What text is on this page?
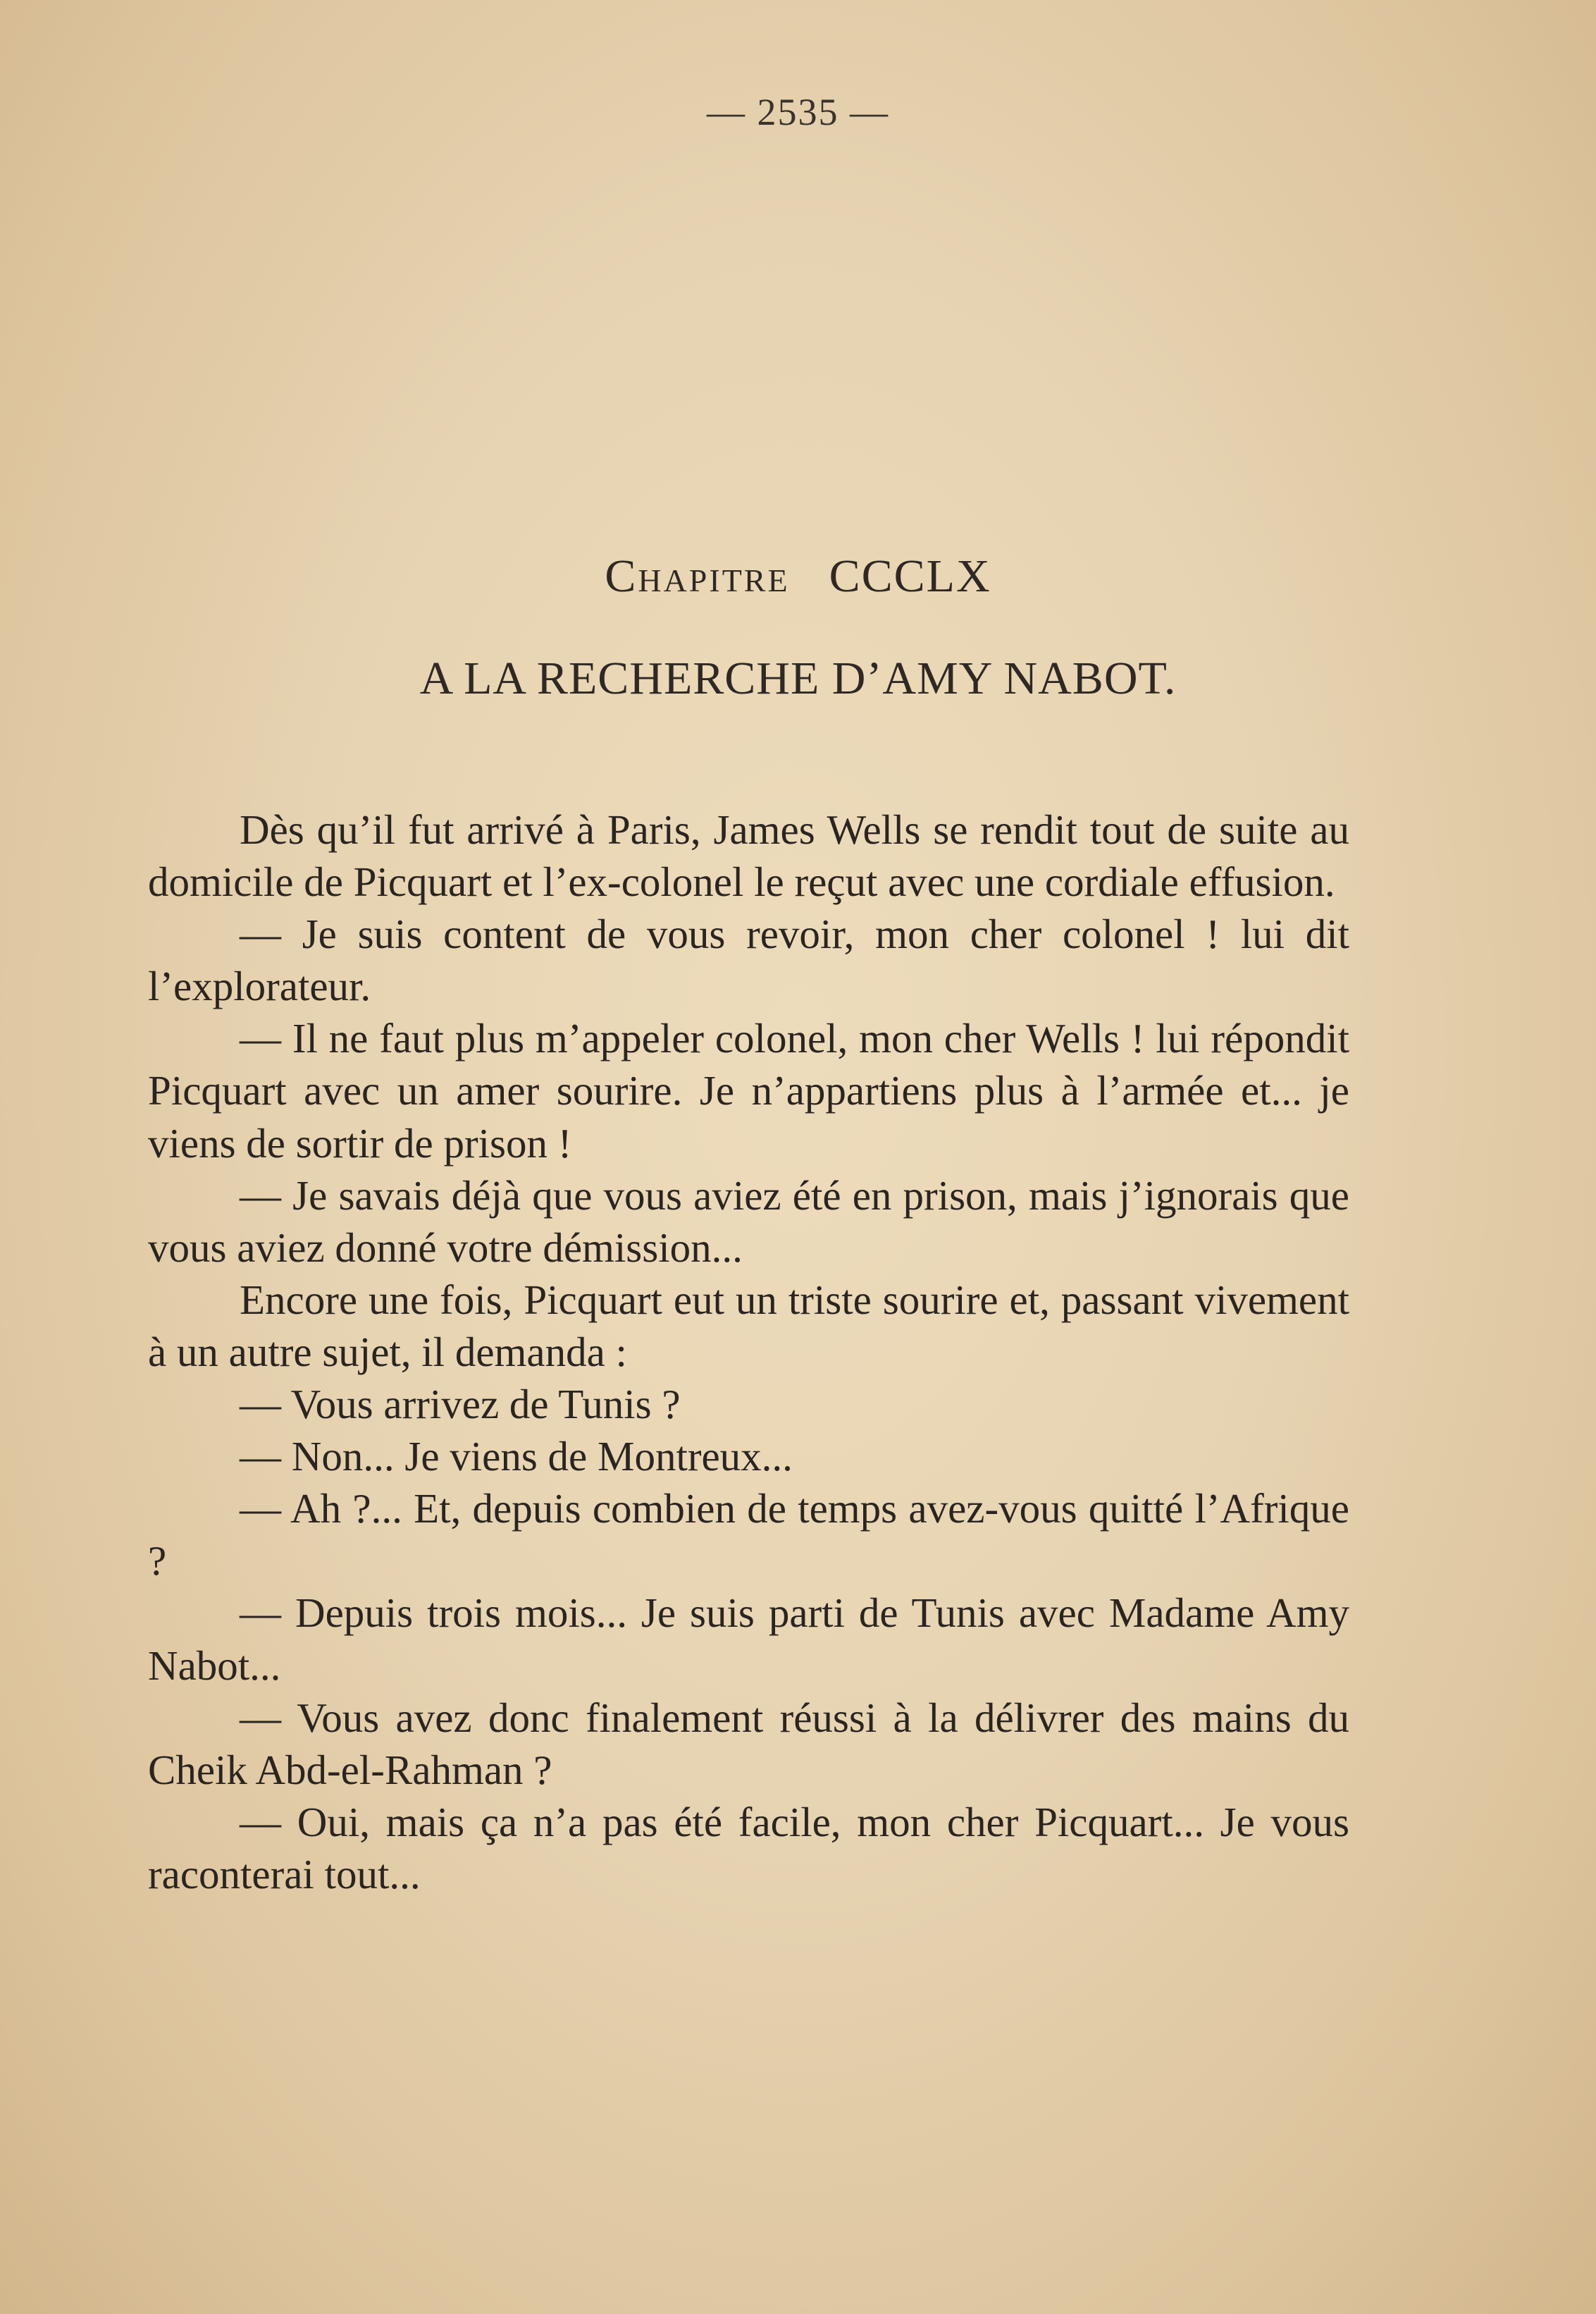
— 2535 —
Chapitre CCCLX
A LA RECHERCHE D’AMY NABOT.

Dès qu’il fut arrivé à Paris, James Wells se rendit tout de suite au domicile de Picquart et l’ex-colonel le reçut avec une cordiale effusion.

— Je suis content de vous revoir, mon cher colonel ! lui dit l’explorateur.

— Il ne faut plus m’appeler colonel, mon cher Wells ! lui répondit Picquart avec un amer sourire. Je n’appartiens plus à l’armée et... je viens de sortir de prison !

— Je savais déjà que vous aviez été en prison, mais j’ignorais que vous aviez donné votre démission...

Encore une fois, Picquart eut un triste sourire et, passant vivement à un autre sujet, il demanda :

— Vous arrivez de Tunis ?

— Non... Je viens de Montreux...

— Ah ?... Et, depuis combien de temps avez-vous quitté l’Afrique ?

— Depuis trois mois... Je suis parti de Tunis avec Madame Amy Nabot...

— Vous avez donc finalement réussi à la délivrer des mains du Cheik Abd-el-Rahman ?

— Oui, mais ça n’a pas été facile, mon cher Picquart... Je vous raconterai tout...
